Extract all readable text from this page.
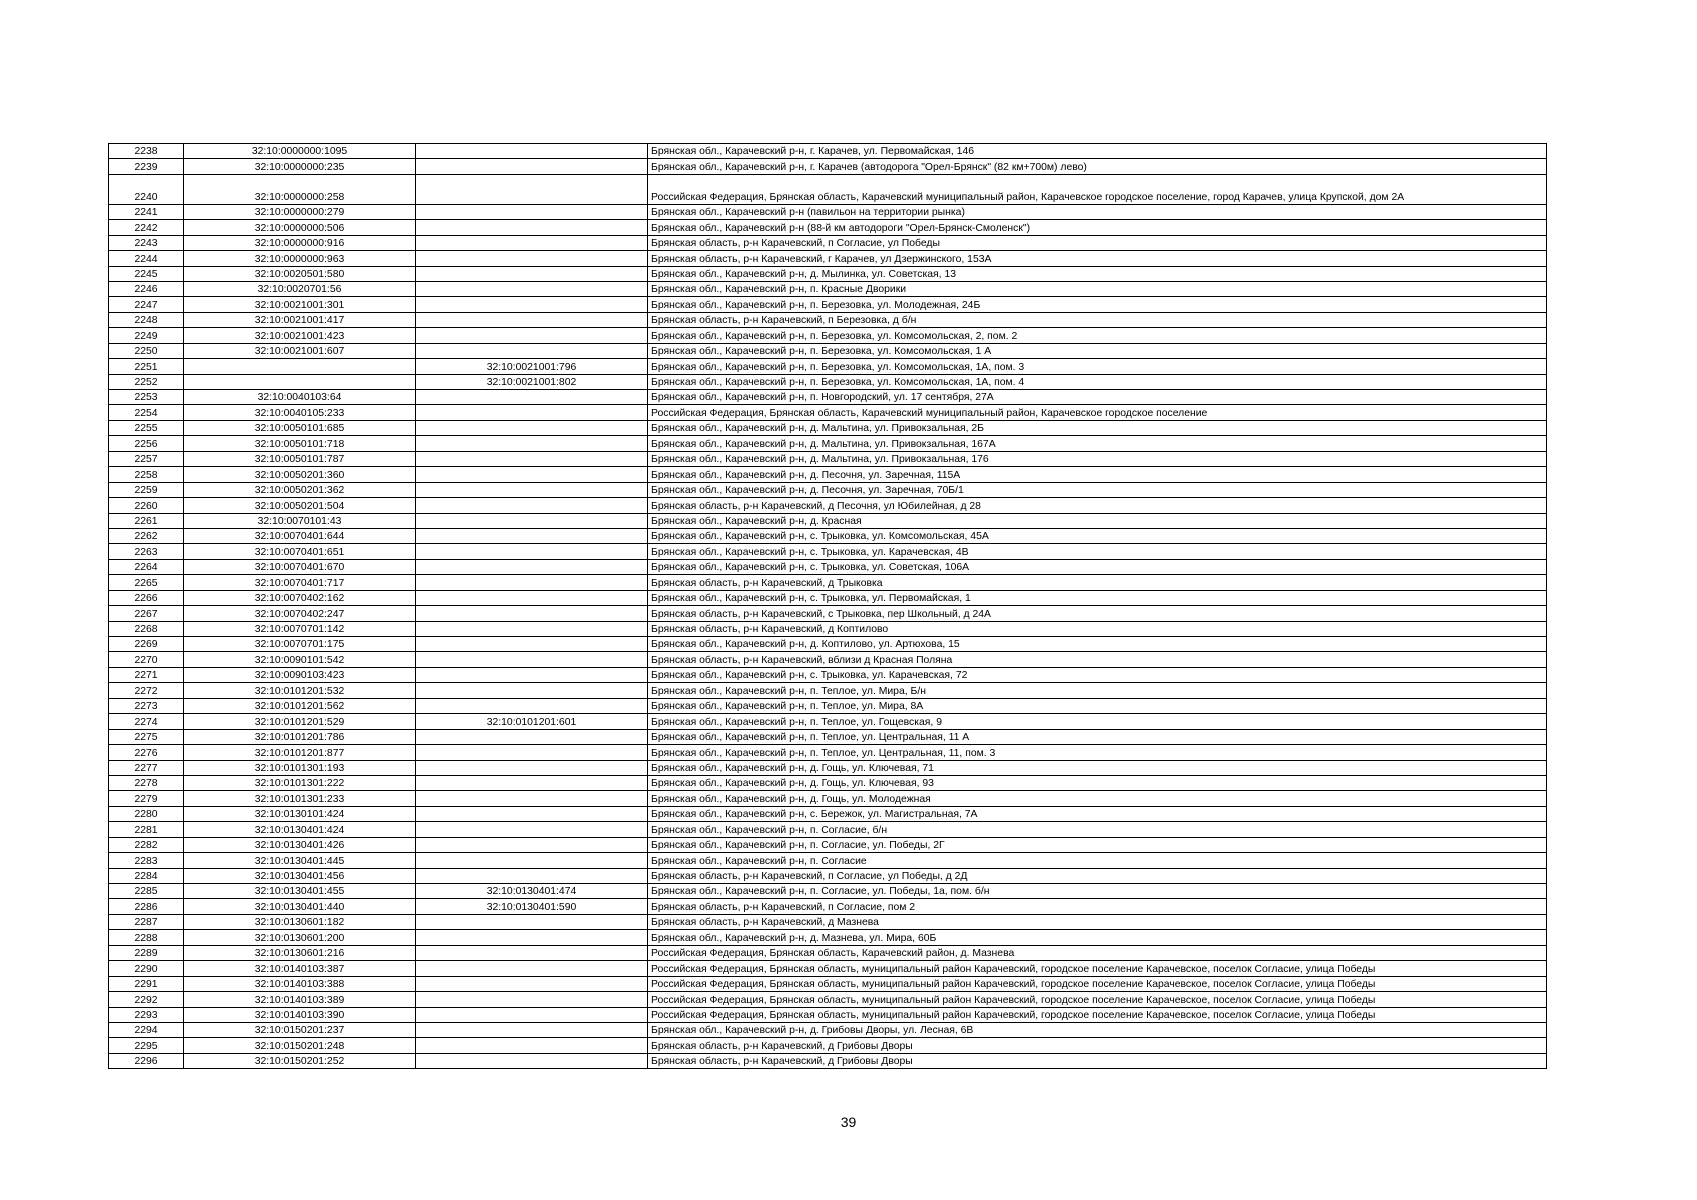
2238	32:10:0000000:1095		Брянская обл., Карачевский р-н, г. Карачев, ул. Первомайская, 146
2239	32:10:0000000:235		Брянская обл., Карачевский р-н, г. Карачев (автодорога "Орел-Брянск" (82 км+700м) лево)
2240	32:10:0000000:258		Российская Федерация, Брянская область, Карачевский муниципальный район, Карачевское городское поселение, город Карачев, улица Крупской, дом 2А
2241	32:10:0000000:279		Брянская обл., Карачевский р-н (павильон на территории рынка)
2242	32:10:0000000:506		Брянская обл., Карачевский р-н (88-й км автодороги "Орел-Брянск-Смоленск")
2243	32:10:0000000:916		Брянская область, р-н Карачевский, п Согласие, ул Победы
2244	32:10:0000000:963		Брянская область, р-н Карачевский, г Карачев, ул Дзержинского, 153А
2245	32:10:0020501:580		Брянская обл., Карачевский р-н, д. Мылинка, ул. Советская, 13
2246	32:10:0020701:56		Брянская обл., Карачевский р-н, п. Красные Дворики
2247	32:10:0021001:301		Брянская обл., Карачевский р-н, п. Березовка, ул. Молодежная, 24Б
2248	32:10:0021001:417		Брянская область, р-н Карачевский, п Березовка, д б/н
2249	32:10:0021001:423		Брянская обл., Карачевский р-н, п. Березовка, ул. Комсомольская, 2, пом. 2
2250	32:10:0021001:607		Брянская обл., Карачевский р-н, п. Березовка, ул. Комсомольская, 1 А
2251		32:10:0021001:796	Брянская обл., Карачевский р-н, п. Березовка, ул. Комсомольская, 1А, пом. 3
2252		32:10:0021001:802	Брянская обл., Карачевский р-н, п. Березовка, ул. Комсомольская, 1А, пом. 4
2253	32:10:0040103:64		Брянская обл., Карачевский р-н, п. Новгородский, ул. 17 сентября, 27А
2254	32:10:0040105:233		Российская Федерация, Брянская область, Карачевский муниципальный район, Карачевское городское поселение
2255	32:10:0050101:685		Брянская обл., Карачевский р-н, д. Мальтина, ул. Привокзальная, 2Б
2256	32:10:0050101:718		Брянская обл., Карачевский р-н, д. Мальтина, ул. Привокзальная, 167А
2257	32:10:0050101:787		Брянская обл., Карачевский р-н, д. Мальтина, ул. Привокзальная, 176
2258	32:10:0050201:360		Брянская обл., Карачевский р-н, д. Песочня, ул. Заречная, 115А
2259	32:10:0050201:362		Брянская обл., Карачевский р-н, д. Песочня, ул. Заречная, 70Б/1
2260	32:10:0050201:504		Брянская область, р-н Карачевский, д Песочня, ул Юбилейная, д 28
2261	32:10:0070101:43		Брянская обл., Карачевский р-н, д. Красная
2262	32:10:0070401:644		Брянская обл., Карачевский р-н, с. Трыковка, ул. Комсомольская, 45А
2263	32:10:0070401:651		Брянская обл., Карачевский р-н, с. Трыковка, ул. Карачевская, 4В
2264	32:10:0070401:670		Брянская обл., Карачевский р-н, с. Трыковка, ул. Советская, 106А
2265	32:10:0070401:717		Брянская область, р-н Карачевский, д Трыковка
2266	32:10:0070402:162		Брянская обл., Карачевский р-н, с. Трыковка, ул. Первомайская, 1
2267	32:10:0070402:247		Брянская область, р-н Карачевский, с Трыковка, пер Школьный, д 24А
2268	32:10:0070701:142		Брянская область, р-н Карачевский, д Коптилово
2269	32:10:0070701:175		Брянская обл., Карачевский р-н, д. Коптилово, ул. Артюхова, 15
2270	32:10:0090101:542		Брянская область, р-н Карачевский, вблизи д Красная Поляна
2271	32:10:0090103:423		Брянская обл., Карачевский р-н, с. Трыковка, ул. Карачевская, 72
2272	32:10:0101201:532		Брянская обл., Карачевский р-н, п. Теплое, ул. Мира, Б/н
2273	32:10:0101201:562		Брянская обл., Карачевский р-н, п. Теплое, ул. Мира, 8А
2274	32:10:0101201:529	32:10:0101201:601	Брянская обл., Карачевский р-н, п. Теплое, ул. Гощевская, 9
2275	32:10:0101201:786		Брянская обл., Карачевский р-н, п. Теплое, ул. Центральная, 11 А
2276	32:10:0101201:877		Брянская обл., Карачевский р-н, п. Теплое, ул. Центральная, 11, пом. 3
2277	32:10:0101301:193		Брянская обл., Карачевский р-н, д. Гощь, ул. Ключевая, 71
2278	32:10:0101301:222		Брянская обл., Карачевский р-н, д. Гощь, ул. Ключевая, 93
2279	32:10:0101301:233		Брянская обл., Карачевский р-н, д. Гощь, ул. Молодежная
2280	32:10:0130101:424		Брянская обл., Карачевский р-н, с. Бережок, ул. Магистральная, 7А
2281	32:10:0130401:424		Брянская обл., Карачевский р-н, п. Согласие, б/н
2282	32:10:0130401:426		Брянская обл., Карачевский р-н, п. Согласие, ул. Победы, 2Г
2283	32:10:0130401:445		Брянская обл., Карачевский р-н, п. Согласие
2284	32:10:0130401:456		Брянская область, р-н Карачевский, п Согласие, ул Победы, д 2Д
2285	32:10:0130401:455	32:10:0130401:474	Брянская обл., Карачевский р-н, п. Согласие, ул. Победы, 1а, пом. б/н
2286	32:10:0130401:440	32:10:0130401:590	Брянская область, р-н Карачевский, п Согласие, пом 2
2287	32:10:0130601:182		Брянская область, р-н Карачевский, д Мазнева
2288	32:10:0130601:200		Брянская обл., Карачевский р-н, д. Мазнева, ул. Мира, 60Б
2289	32:10:0130601:216		Российская Федерация, Брянская область, Карачевский район, д. Мазнева
2290	32:10:0140103:387		Российская Федерация, Брянская область, муниципальный район Карачевский, городское поселение Карачевское, поселок Согласие, улица Победы
2291	32:10:0140103:388		Российская Федерация, Брянская область, муниципальный район Карачевский, городское поселение Карачевское, поселок Согласие, улица Победы
2292	32:10:0140103:389		Российская Федерация, Брянская область, муниципальный район Карачевский, городское поселение Карачевское, поселок Согласие, улица Победы
2293	32:10:0140103:390		Российская Федерация, Брянская область, муниципальный район Карачевский, городское поселение Карачевское, поселок Согласие, улица Победы
2294	32:10:0150201:237		Брянская обл., Карачевский р-н, д. Грибовы Дворы, ул. Лесная, 6В
2295	32:10:0150201:248		Брянская область, р-н Карачевский, д Грибовы Дворы
2296	32:10:0150201:252		Брянская область, р-н Карачевский, д Грибовы Дворы
39
